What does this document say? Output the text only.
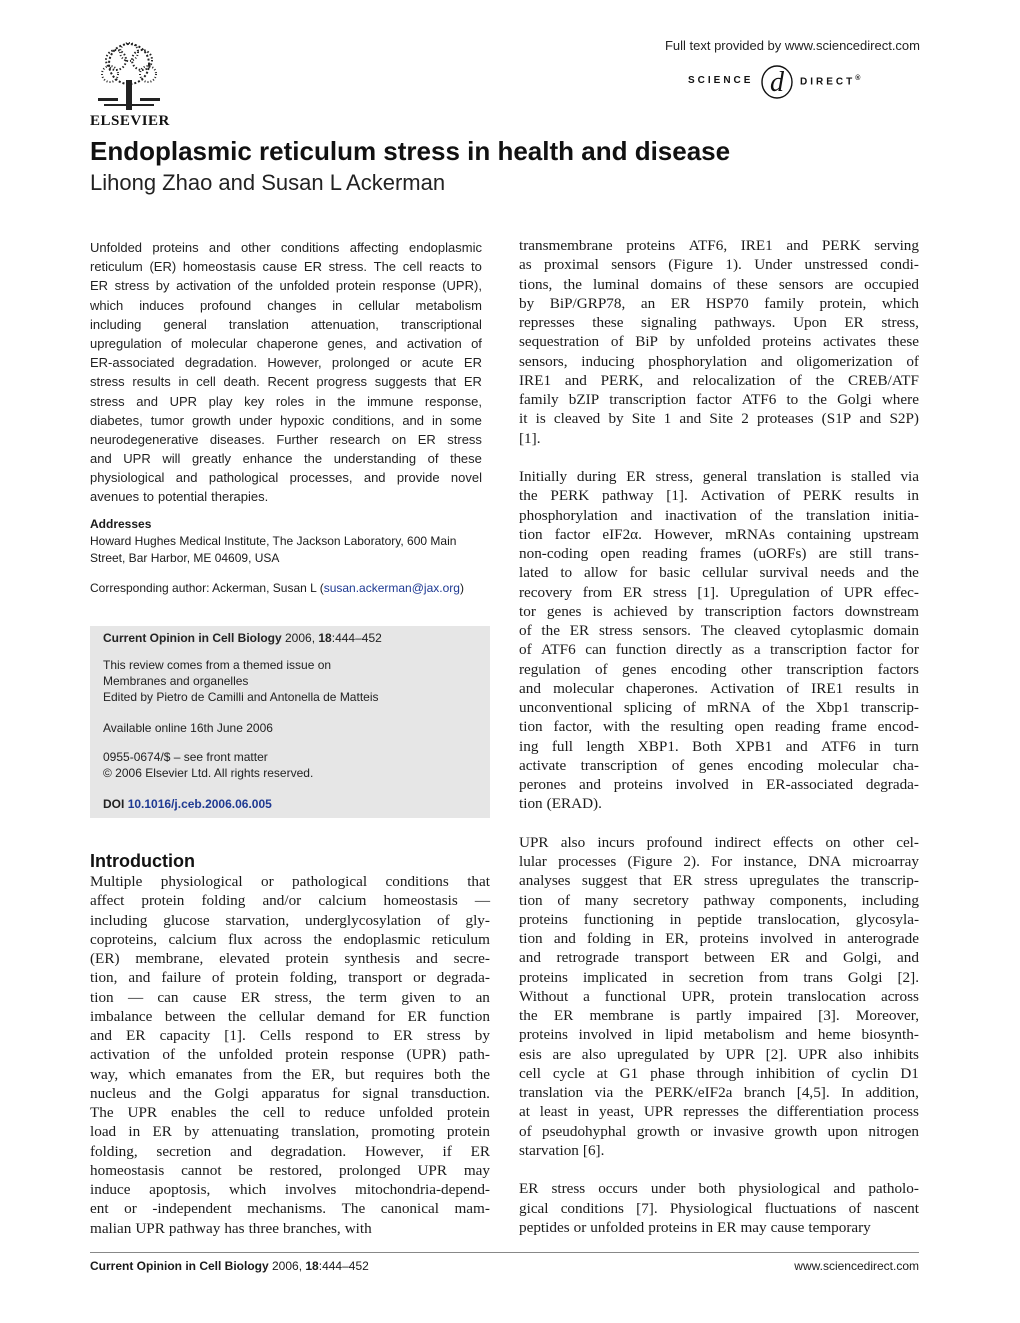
ELSEVIER
Full text provided by www.sciencedirect.com
SCIENCE d DIRECT®
Endoplasmic reticulum stress in health and disease
Lihong Zhao and Susan L Ackerman
Unfolded proteins and other conditions affecting endoplasmic
reticulum (ER) homeostasis cause ER stress. The cell reacts to
ER stress by activation of the unfolded protein response (UPR),
which induces profound changes in cellular metabolism
including general translation attenuation, transcriptional
upregulation of molecular chaperone genes, and activation of
ER-associated degradation. However, prolonged or acute ER
stress results in cell death. Recent progress suggests that ER
stress and UPR play key roles in the immune response,
diabetes, tumor growth under hypoxic conditions, and in some
neurodegenerative diseases. Further research on ER stress
and UPR will greatly enhance the understanding of these
physiological and pathological processes, and provide novel
avenues to potential therapies.
Addresses
Howard Hughes Medical Institute, The Jackson Laboratory, 600 Main
Street, Bar Harbor, ME 04609, USA
Corresponding author: Ackerman, Susan L (susan.ackerman@jax.org)
Current Opinion in Cell Biology 2006, 18:444–452
This review comes from a themed issue on
Membranes and organelles
Edited by Pietro de Camilli and Antonella de Matteis
Available online 16th June 2006
0955-0674/$ – see front matter
© 2006 Elsevier Ltd. All rights reserved.
DOI 10.1016/j.ceb.2006.06.005
Introduction
Multiple physiological or pathological conditions that
affect protein folding and/or calcium homeostasis —
including glucose starvation, underglycosylation of gly-
coproteins, calcium flux across the endoplasmic reticulum
(ER) membrane, elevated protein synthesis and secre-
tion, and failure of protein folding, transport or degrada-
tion — can cause ER stress, the term given to an
imbalance between the cellular demand for ER function
and ER capacity [1]. Cells respond to ER stress by
activation of the unfolded protein response (UPR) path-
way, which emanates from the ER, but requires both the
nucleus and the Golgi apparatus for signal transduction.
The UPR enables the cell to reduce unfolded protein
load in ER by attenuating translation, promoting protein
folding, secretion and degradation. However, if ER
homeostasis cannot be restored, prolonged UPR may
induce apoptosis, which involves mitochondria-depend-
ent or -independent mechanisms. The canonical mam-
malian UPR pathway has three branches, with
transmembrane proteins ATF6, IRE1 and PERK serving
as proximal sensors (Figure 1). Under unstressed condi-
tions, the luminal domains of these sensors are occupied
by BiP/GRP78, an ER HSP70 family protein, which
represses these signaling pathways. Upon ER stress,
sequestration of BiP by unfolded proteins activates these
sensors, inducing phosphorylation and oligomerization of
IRE1 and PERK, and relocalization of the CREB/ATF
family bZIP transcription factor ATF6 to the Golgi where
it is cleaved by Site 1 and Site 2 proteases (S1P and S2P)
[1].
Initially during ER stress, general translation is stalled via
the PERK pathway [1]. Activation of PERK results in
phosphorylation and inactivation of the translation initia-
tion factor eIF2α. However, mRNAs containing upstream
non-coding open reading frames (uORFs) are still trans-
lated to allow for basic cellular survival needs and the
recovery from ER stress [1]. Upregulation of UPR effec-
tor genes is achieved by transcription factors downstream
of the ER stress sensors. The cleaved cytoplasmic domain
of ATF6 can function directly as a transcription factor for
regulation of genes encoding other transcription factors
and molecular chaperones. Activation of IRE1 results in
unconventional splicing of mRNA of the Xbp1 transcrip-
tion factor, with the resulting open reading frame encod-
ing full length XBP1. Both XPB1 and ATF6 in turn
activate transcription of genes encoding molecular cha-
perones and proteins involved in ER-associated degrada-
tion (ERAD).
UPR also incurs profound indirect effects on other cel-
lular processes (Figure 2). For instance, DNA microarray
analyses suggest that ER stress upregulates the transcrip-
tion of many secretory pathway components, including
proteins functioning in peptide translocation, glycosyla-
tion and folding in ER, proteins involved in anterograde
and retrograde transport between ER and Golgi, and
proteins implicated in secretion from trans Golgi [2].
Without a functional UPR, protein translocation across
the ER membrane is partly impaired [3]. Moreover,
proteins involved in lipid metabolism and heme biosynth-
esis are also upregulated by UPR [2]. UPR also inhibits
cell cycle at G1 phase through inhibition of cyclin D1
translation via the PERK/eIF2a branch [4,5]. In addition,
at least in yeast, UPR represses the differentiation process
of pseudohyphal growth or invasive growth upon nitrogen
starvation [6].
ER stress occurs under both physiological and patholo-
gical conditions [7]. Physiological fluctuations of nascent
peptides or unfolded proteins in ER may cause temporary
Current Opinion in Cell Biology 2006, 18:444–452	www.sciencedirect.com
